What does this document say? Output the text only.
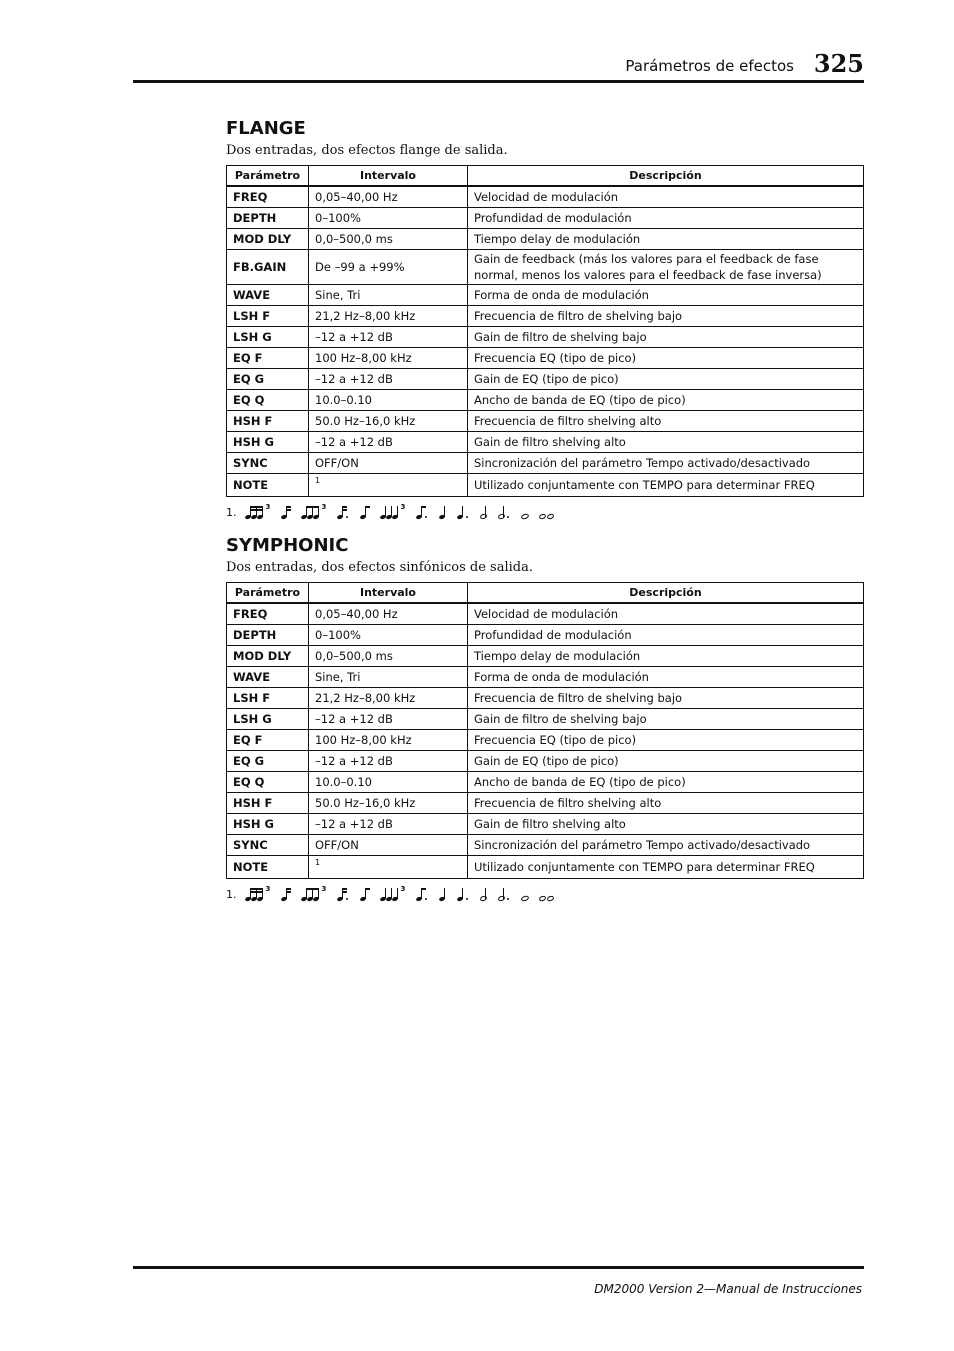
Parámetros de efectos 325
FLANGE
Dos entradas, dos efectos flange de salida.
Parámetro	Intervalo	Descripción
FREQ	0,05–40,00 Hz	Velocidad de modulación
DEPTH	0–100%	Profundidad de modulación
MOD DLY	0,0–500,0 ms	Tiempo delay de modulación
FB.GAIN	De –99 a +99%	Gain de feedback (más los valores para el feedback de fase normal, menos los valores para el feedback de fase inversa)
WAVE	Sine, Tri	Forma de onda de modulación
LSH F	21,2 Hz–8,00 kHz	Frecuencia de filtro de shelving bajo
LSH G	–12 a +12 dB	Gain de filtro de shelving bajo
EQ F	100 Hz–8,00 kHz	Frecuencia EQ (tipo de pico)
EQ G	–12 a +12 dB	Gain de EQ (tipo de pico)
EQ Q	10.0–0.10	Ancho de banda de EQ (tipo de pico)
HSH F	50.0 Hz–16,0 kHz	Frecuencia de filtro shelving alto
HSH G	–12 a +12 dB	Gain de filtro shelving alto
SYNC	OFF/ON	Sincronización del parámetro Tempo activado/desactivado
NOTE	$^1$	Utilizado conjuntamente con TEMPO para determinar FREQ
1.	3	3	3
SYMPHONIC
Dos entradas, dos efectos sinfónicos de salida.
Parámetro	Intervalo	Descripción
FREQ	0,05–40,00 Hz	Velocidad de modulación
DEPTH	0–100%	Profundidad de modulación
MOD DLY	0,0–500,0 ms	Tiempo delay de modulación
WAVE	Sine, Tri	Forma de onda de modulación
LSH F	21,2 Hz–8,00 kHz	Frecuencia de filtro de shelving bajo
LSH G	–12 a +12 dB	Gain de filtro de shelving bajo
EQ F	100 Hz–8,00 kHz	Frecuencia EQ (tipo de pico)
EQ G	–12 a +12 dB	Gain de EQ (tipo de pico)
EQ Q	10.0–0.10	Ancho de banda de EQ (tipo de pico)
HSH F	50.0 Hz–16,0 kHz	Frecuencia de filtro shelving alto
HSH G	–12 a +12 dB	Gain de filtro shelving alto
SYNC	OFF/ON	Sincronización del parámetro Tempo activado/desactivado
NOTE	$^1$	Utilizado conjuntamente con TEMPO para determinar FREQ
1.	3	3	3
DM2000 Version 2—Manual de Instrucciones
